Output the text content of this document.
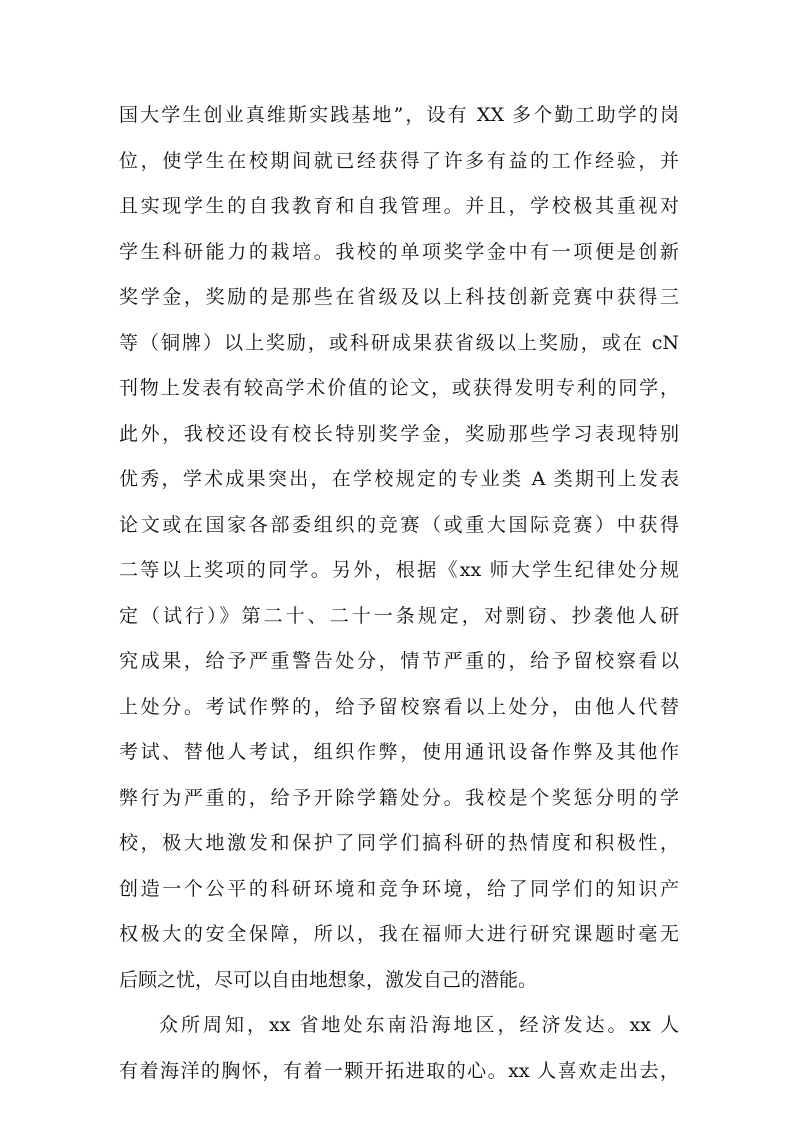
国大学生创业真维斯实践基地”，设有 XX 多个勤工助学的岗
位，使学生在校期间就已经获得了许多有益的工作经验，并
且实现学生的自我教育和自我管理。并且，学校极其重视对
学生科研能力的栽培。我校的单项奖学金中有一项便是创新
奖学金，奖励的是那些在省级及以上科技创新竞赛中获得三
等（铜牌）以上奖励，或科研成果获省级以上奖励，或在 cN
刊物上发表有较高学术价值的论文，或获得发明专利的同学，
此外，我校还设有校长特别奖学金，奖励那些学习表现特别
优秀，学术成果突出，在学校规定的专业类 A 类期刊上发表
论文或在国家各部委组织的竞赛（或重大国际竞赛）中获得
二等以上奖项的同学。另外，根据《xx 师大学生纪律处分规
定（试行）》第二十、二十一条规定，对剽窃、抄袭他人研
究成果，给予严重警告处分，情节严重的，给予留校察看以
上处分。考试作弊的，给予留校察看以上处分，由他人代替
考试、替他人考试，组织作弊，使用通讯设备作弊及其他作
弊行为严重的，给予开除学籍处分。我校是个奖惩分明的学
校，极大地激发和保护了同学们搞科研的热情度和积极性，
创造一个公平的科研环境和竞争环境，给了同学们的知识产
权极大的安全保障，所以，我在福师大进行研究课题时毫无
后顾之忧，尽可以自由地想象，激发自己的潜能。
众所周知，xx 省地处东南沿海地区，经济发达。xx 人
有着海洋的胸怀，有着一颗开拓进取的心。xx 人喜欢走出去，
